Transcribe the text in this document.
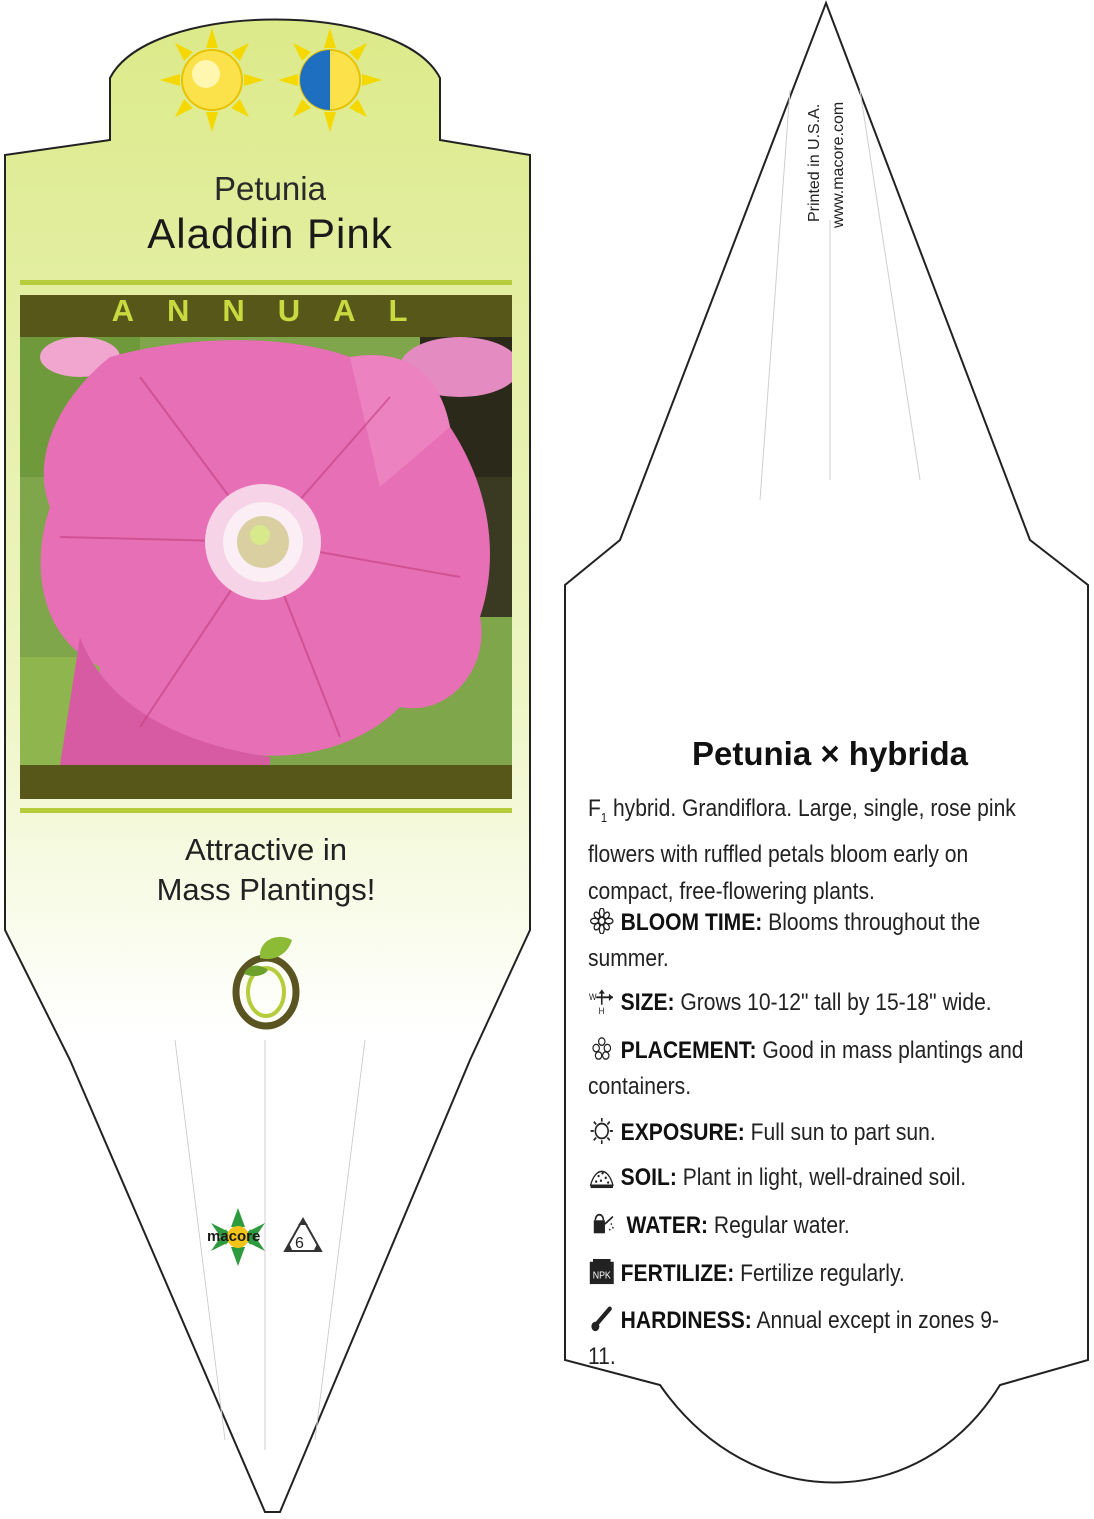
Petunia
Aladdin Pink
ANNUAL
Attractive in
Mass Plantings!
macore 6
Printed in U.S.A. www.macore.com
Petunia × hybrida
$F_1$ hybrid. Grandiflora. Large, single, rose pink flowers with ruffled petals bloom early on compact, free-flowering plants.
BLOOM TIME: Blooms throughout the summer.
W
H SIZE: Grows 10-12" tall by 15-18" wide.
PLACEMENT: Good in mass plantings and containers.
EXPOSURE: Full sun to part sun.
SOIL: Plant in light, well-drained soil.
WATER: Regular water.
NPK FERTILIZE: Fertilize regularly.
HARDINESS: Annual except in zones 9-11.
